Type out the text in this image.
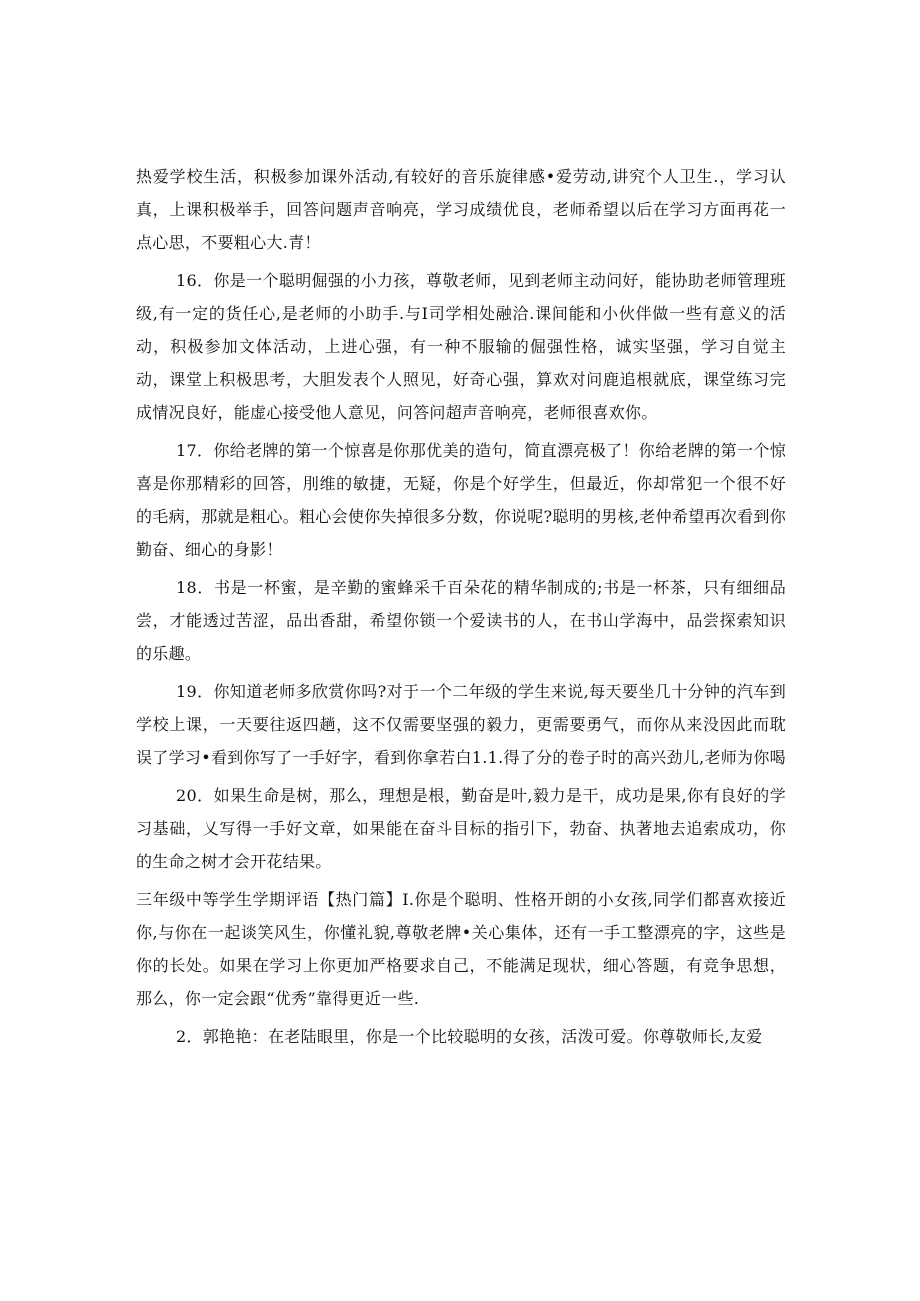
热爱学校生活，积极参加课外活动,有较好的音乐旋律感•爱劳动,讲究个人卫生.，学习认真，上课积极举手，回答问题声音响亮，学习成绩优良，老师希望以后在学习方面再花一点心思，不要粗心大.青！

16．你是一个聪明倔强的小力孩，尊敬老师，见到老师主动问好，能协助老师管理班级,有一定的货任心,是老师的小助手.与I司学相处融洽.课间能和小伙伴做一些有意义的活动，积极参加文体活动，上进心强，有一种不服输的倔强性格，诚实坚强，学习自觉主动，课堂上积极思考，大胆发表个人照见，好奇心强，算欢对问鹿追根就底，课堂练习完成情况良好，能虚心接受他人意见，问答问超声音响亮，老师很喜欢你。

17．你给老牌的第一个惊喜是你那优美的造句，简直漂亮极了！你给老牌的第一个惊喜是你那精彩的回答，刖维的敏捷，无疑，你是个好学生，但最近，你却常犯一个很不好的毛病，那就是粗心。粗心会使你失掉很多分数，你说呢?聪明的男核,老仲希望再次看到你勤奋、细心的身影！

18．书是一杯蜜，是辛勤的蜜蜂采千百朵花的精华制成的;书是一杯茶，只有细细品尝，才能透过苦涩，品出香甜，希望你锁一个爱读书的人，在书山学海中，品尝探索知识的乐趣。

19．你知道老师多欣赏你吗?对于一个二年级的学生来说,每天要坐几十分钟的汽车到学校上课，一天要往返四趟，这不仅需要坚强的毅力，更需要勇气，而你从来没因此而耽误了学习•看到你写了一手好字，看到你拿若白1.1.得了分的卷子时的高兴劲儿,老师为你喝

20．如果生命是树，那么，理想是根，勤奋是叶,毅力是干，成功是果,你有良好的学习基础，乂写得一手好文章，如果能在奋斗目标的指引下，勃奋、执著地去追索成功，你的生命之树才会开花结果。

三年级中等学生学期评语【热门篇】I.你是个聪明、性格开朗的小女孩,同学们都喜欢接近你,与你在一起谈笑风生，你懂礼貌,尊敬老牌•关心集体，还有一手工整漂亮的字，这些是你的长处。如果在学习上你更加严格要求自己，不能满足现状，细心答题，有竞争思想，那么，你一定会跟“优秀”靠得更近一些.

2．郭艳艳：在老陆眼里，你是一个比较聪明的女孩，活泼可爱。你尊敬师长,友爱
